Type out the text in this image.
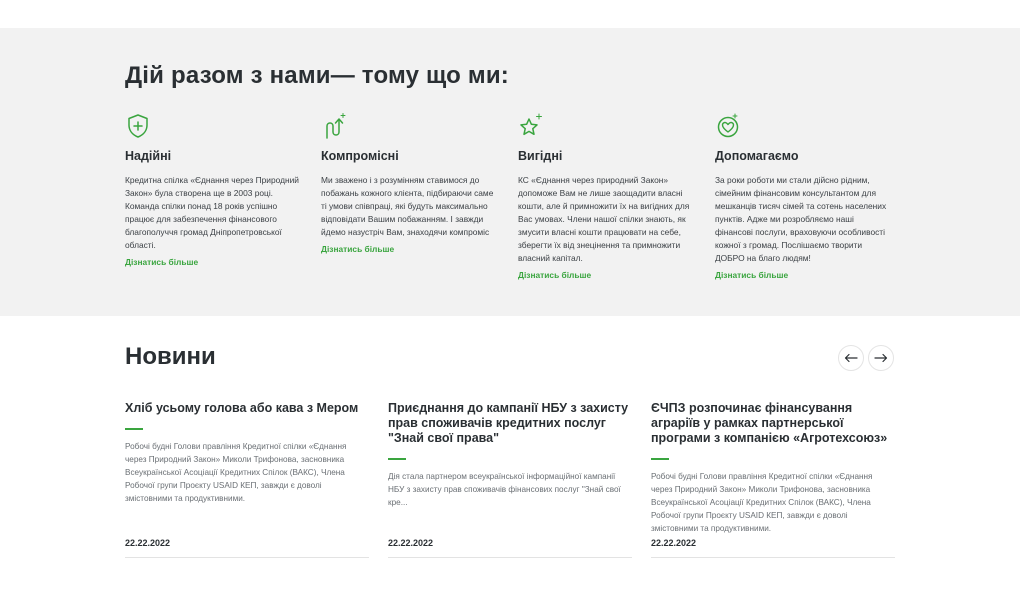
Дій разом з нами— тому що ми:
Надійні
Кредитна спілка «Єднання через Природний Закон» була створена ще в 2003 році. Команда спілки понад 18 років успішно працює для забезпечення фінансового благополуччя громад Дніпропетровської області.
Дізнатись більше
Компромісні
Ми зважено і з розумінням ставимося до побажань кожного клієнта, підбираючи саме ті умови співпраці, які будуть максимально відповідати Вашим побажанням. І завжди йдемо назустріч Вам, знаходячи компроміс
Дізнатись більше
Вигідні
КС «Єднання через природний Закон» допоможе Вам не лише заощадити власні кошти, але й примножити їх на вигідних для Вас умовах. Члени нашої спілки знають, як змусити власні кошти працювати на себе, зберегти їх від знецінення та примножити власний капітал.
Дізнатись більше
Допомагаємо
За роки роботи ми стали дійсно рідним, сімейним фінансовим консультантом для мешканців тисяч сімей та сотень населених пунктів. Адже ми розробляємо наші фінансові послуги, враховуючи особливості кожної з громад. Послішаємо творити ДОБРО на благо людям!
Дізнатись більше
Новини
Хліб усьому голова або кава з Мером
Робочі будні Голови правління Кредитної спілки «Єднання через Природний Закон» Миколи Трифонова, засновника Всеукраїнської Асоціації Кредитних Спілок (ВАКС), Члена Робочої групи Проєкту USAID КЕП, завжди є доволі змістовними та продуктивними.
22.22.2022
Приєднання до кампанії НБУ з захисту прав споживачів кредитних послуг "Знай свої права"
Дія стала партнером всеукраїнської інформаційної кампанії НБУ з захисту прав споживачів фінансових послуг "Знай свої кре...
22.22.2022
ЄЧПЗ розпочинає фінансування аграріїв у рамках партнерської програми з компанією «Агротехсоюз»
Робочі будні Голови правління Кредитної спілки «Єднання через Природний Закон» Миколи Трифонова, засновника Всеукраїнської Асоціації Кредитних Спілок (ВАКС), Члена Робочої групи Проєкту USAID КЕП, завжди є доволі змістовними та продуктивними.
22.22.2022
